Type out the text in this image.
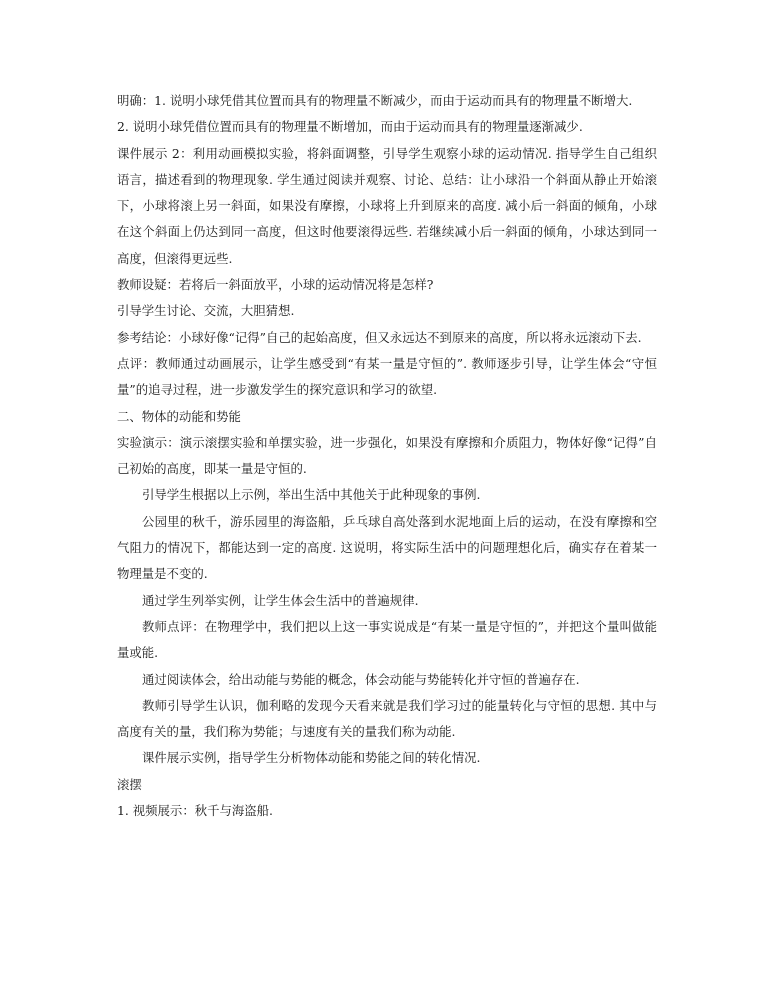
明确：1. 说明小球凭借其位置而具有的物理量不断减少，而由于运动而具有的物理量不断增大.

2. 说明小球凭借位置而具有的物理量不断增加，而由于运动而具有的物理量逐渐减少.

课件展示 2：利用动画模拟实验，将斜面调整，引导学生观察小球的运动情况. 指导学生自己组织语言，描述看到的物理现象. 学生通过阅读并观察、讨论、总结：让小球沿一个斜面从静止开始滚下，小球将滚上另一斜面，如果没有摩擦，小球将上升到原来的高度. 减小后一斜面的倾角，小球在这个斜面上仍达到同一高度，但这时他要滚得远些. 若继续减小后一斜面的倾角，小球达到同一高度，但滚得更远些.

教师设疑：若将后一斜面放平，小球的运动情况将是怎样?

引导学生讨论、交流，大胆猜想.

参考结论：小球好像“记得”自己的起始高度，但又永远达不到原来的高度，所以将永远滚动下去.

点评：教师通过动画展示，让学生感受到“有某一量是守恒的”. 教师逐步引导，让学生体会“守恒量”的追寻过程，进一步激发学生的探究意识和学习的欲望.

二、物体的动能和势能

实验演示：演示滚摆实验和单摆实验，进一步强化，如果没有摩擦和介质阻力，物体好像“记得”自己初始的高度，即某一量是守恒的.

引导学生根据以上示例，举出生活中其他关于此种现象的事例.

公园里的秋千，游乐园里的海盗船，乒乓球自高处落到水泥地面上后的运动，在没有摩擦和空气阻力的情况下，都能达到一定的高度. 这说明，将实际生活中的问题理想化后，确实存在着某一物理量是不变的.

通过学生列举实例，让学生体会生活中的普遍规律.

教师点评：在物理学中，我们把以上这一事实说成是“有某一量是守恒的”，并把这个量叫做能量或能.

通过阅读体会，给出动能与势能的概念，体会动能与势能转化并守恒的普遍存在.

教师引导学生认识，伽利略的发现今天看来就是我们学习过的能量转化与守恒的思想. 其中与高度有关的量，我们称为势能；与速度有关的量我们称为动能.

课件展示实例，指导学生分析物体动能和势能之间的转化情况.

滚摆

1. 视频展示：秋千与海盗船.
